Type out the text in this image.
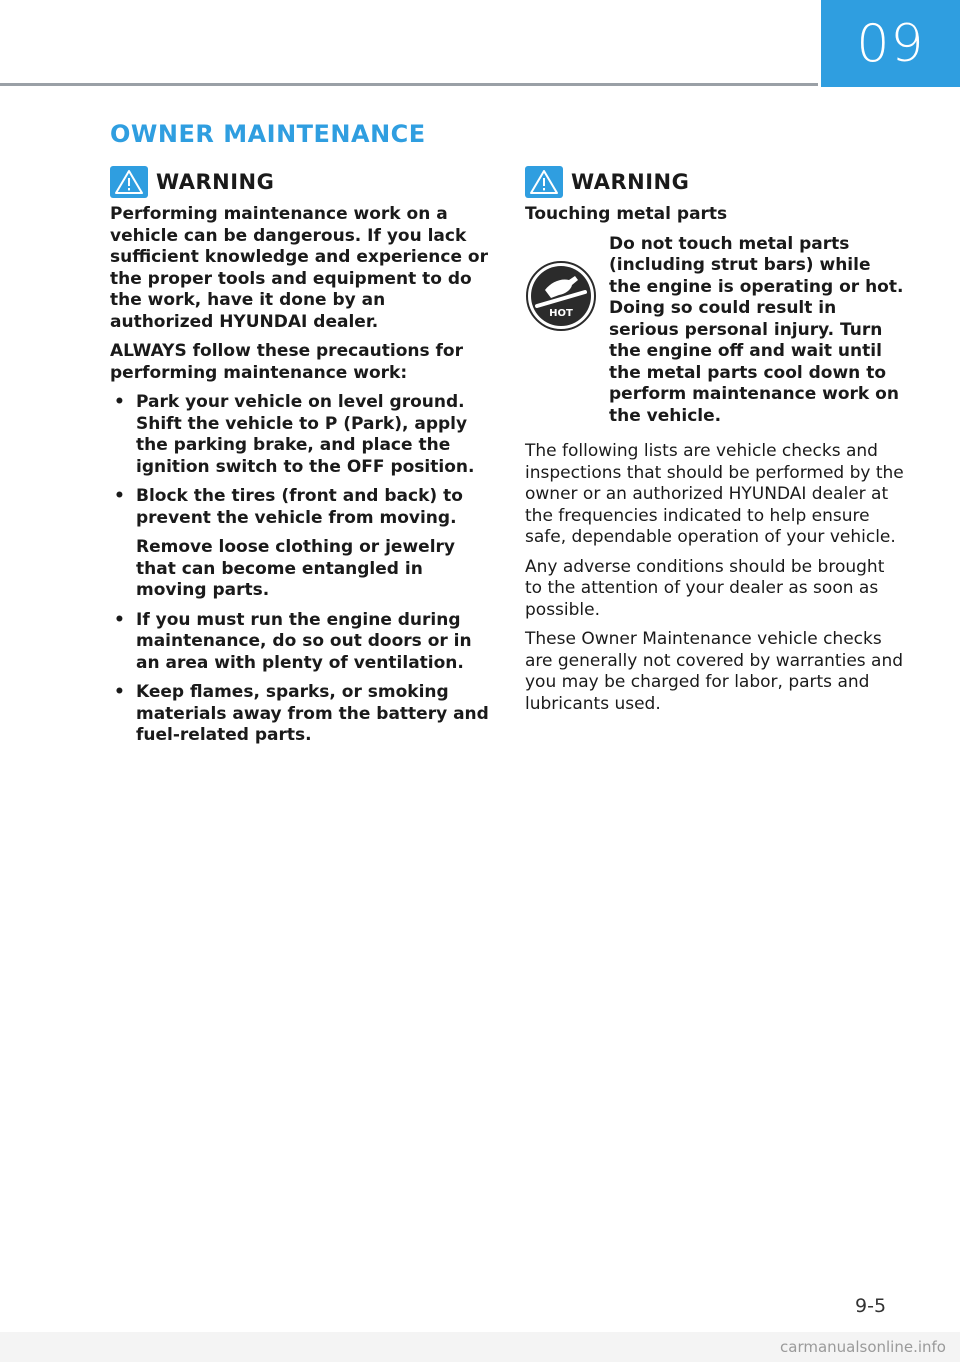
09
OWNER MAINTENANCE
WARNING

Performing maintenance work on a vehicle can be dangerous. If you lack sufficient knowledge and experience or the proper tools and equipment to do the work, have it done by an authorized HYUNDAI dealer.

ALWAYS follow these precautions for performing maintenance work:

• Park your vehicle on level ground. Shift the vehicle to P (Park), apply the parking brake, and place the ignition switch to the OFF position.
• Block the tires (front and back) to prevent the vehicle from moving.

Remove loose clothing or jewelry that can become entangled in moving parts.

• If you must run the engine during maintenance, do so out doors or in an area with plenty of ventilation.
• Keep flames, sparks, or smoking materials away from the battery and fuel-related parts.
WARNING

Touching metal parts

HOT

Do not touch metal parts (including strut bars) while the engine is operating or hot. Doing so could result in serious personal injury. Turn the engine off and wait until the metal parts cool down to perform maintenance work on the vehicle.

The following lists are vehicle checks and inspections that should be performed by the owner or an authorized HYUNDAI dealer at the frequencies indicated to help ensure safe, dependable operation of your vehicle.

Any adverse conditions should be brought to the attention of your dealer as soon as possible.

These Owner Maintenance vehicle checks are generally not covered by warranties and you may be charged for labor, parts and lubricants used.

9-5
carmanualsonline.info
